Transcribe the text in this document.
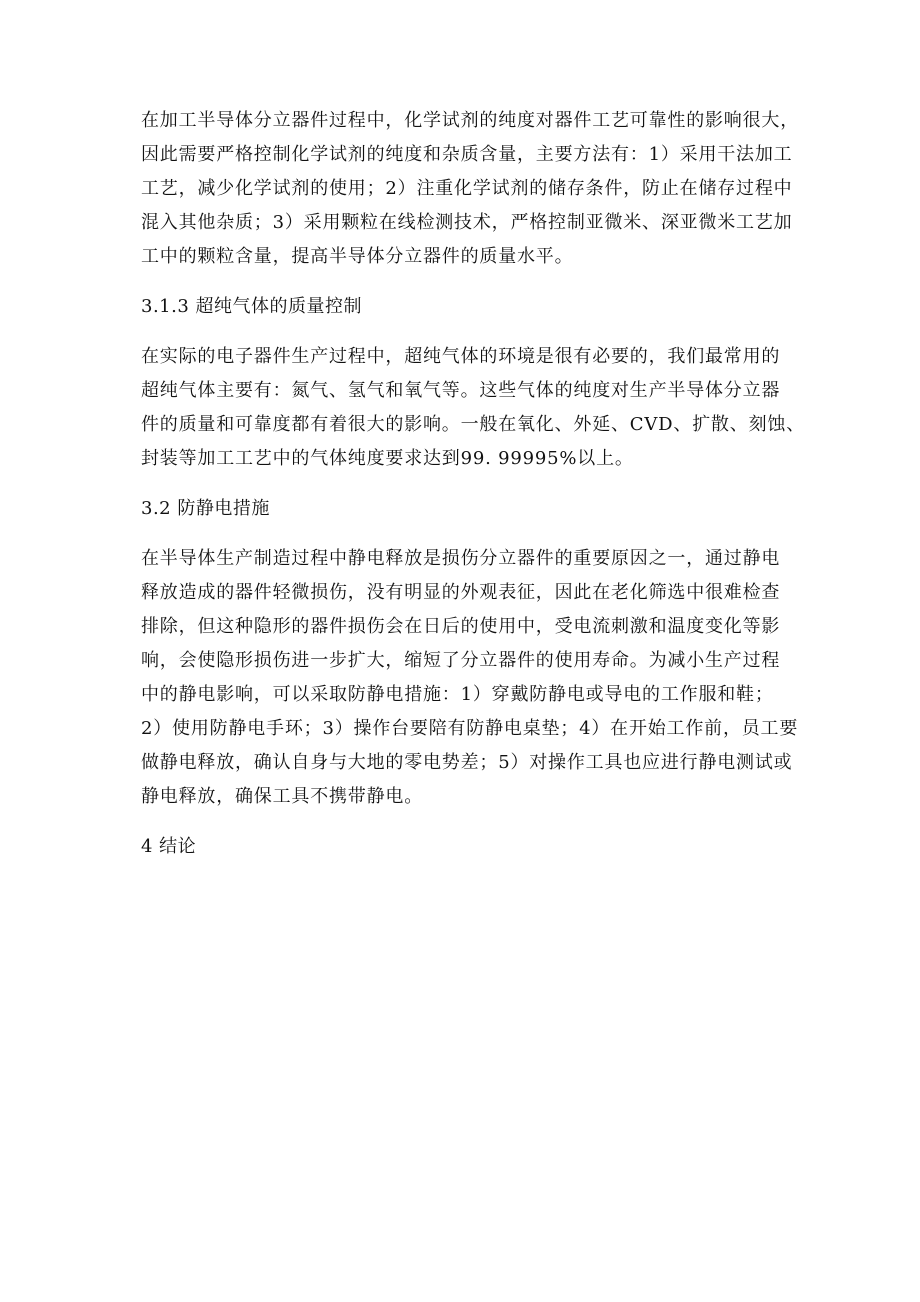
在加工半导体分立器件过程中，化学试剂的纯度对器件工艺可靠性的影响很大，
因此需要严格控制化学试剂的纯度和杂质含量，主要方法有：1）采用干法加工
工艺，减少化学试剂的使用；2）注重化学试剂的储存条件，防止在储存过程中
混入其他杂质；3）采用颗粒在线检测技术，严格控制亚微米、深亚微米工艺加
工中的颗粒含量，提高半导体分立器件的质量水平。

3.1.3 超纯气体的质量控制

在实际的电子器件生产过程中，超纯气体的环境是很有必要的，我们最常用的
超纯气体主要有：氮气、氢气和氧气等。这些气体的纯度对生产半导体分立器
件的质量和可靠度都有着很大的影响。一般在氧化、外延、CVD、扩散、刻蚀、
封装等加工工艺中的气体纯度要求达到99. 99995%以上。

3.2 防静电措施

在半导体生产制造过程中静电释放是损伤分立器件的重要原因之一，通过静电
释放造成的器件轻微损伤，没有明显的外观表征，因此在老化筛选中很难检查
排除，但这种隐形的器件损伤会在日后的使用中，受电流刺激和温度变化等影
响，会使隐形损伤进一步扩大，缩短了分立器件的使用寿命。为减小生产过程
中的静电影响，可以采取防静电措施：1）穿戴防静电或导电的工作服和鞋；
2）使用防静电手环；3）操作台要陪有防静电桌垫；4）在开始工作前，员工要
做静电释放，确认自身与大地的零电势差；5）对操作工具也应进行静电测试或
静电释放，确保工具不携带静电。

4 结论
